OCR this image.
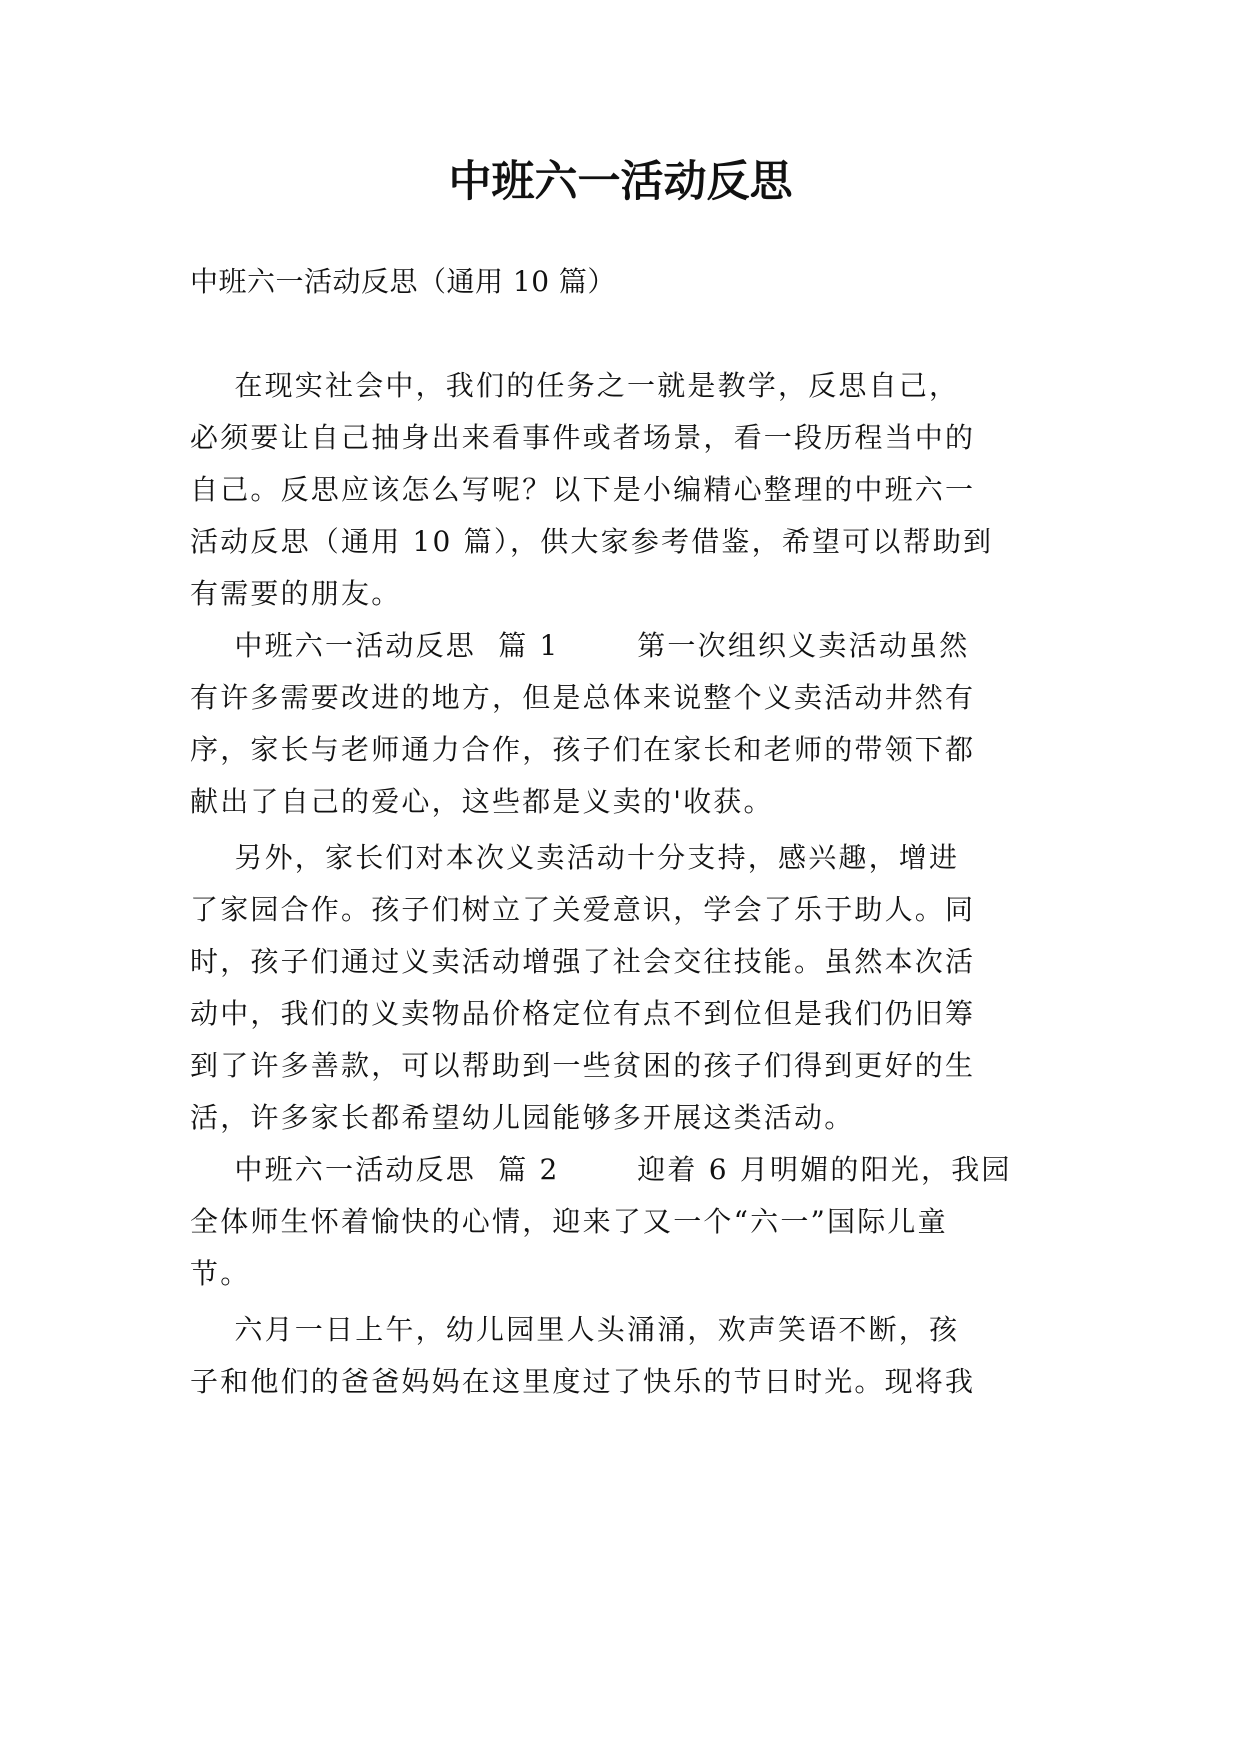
中班六一活动反思
中班六一活动反思（通用 10 篇）
在现实社会中，我们的任务之一就是教学，反思自己，
必须要让自己抽身出来看事件或者场景，看一段历程当中的
自己。反思应该怎么写呢？以下是小编精心整理的中班六一
活动反思（通用 10 篇），供大家参考借鉴，希望可以帮助到
有需要的朋友。
中班六一活动反思  篇 1       第一次组织义卖活动虽然
有许多需要改进的地方，但是总体来说整个义卖活动井然有
序，家长与老师通力合作，孩子们在家长和老师的带领下都
献出了自己的爱心，这些都是义卖的'收获。
另外，家长们对本次义卖活动十分支持，感兴趣，增进
了家园合作。孩子们树立了关爱意识，学会了乐于助人。同
时，孩子们通过义卖活动增强了社会交往技能。虽然本次活
动中，我们的义卖物品价格定位有点不到位但是我们仍旧筹
到了许多善款，可以帮助到一些贫困的孩子们得到更好的生
活，许多家长都希望幼儿园能够多开展这类活动。
中班六一活动反思  篇 2       迎着 6 月明媚的阳光，我园
全体师生怀着愉快的心情，迎来了又一个“六一”国际儿童
节。
六月一日上午，幼儿园里人头涌涌，欢声笑语不断，孩
子和他们的爸爸妈妈在这里度过了快乐的节日时光。现将我
